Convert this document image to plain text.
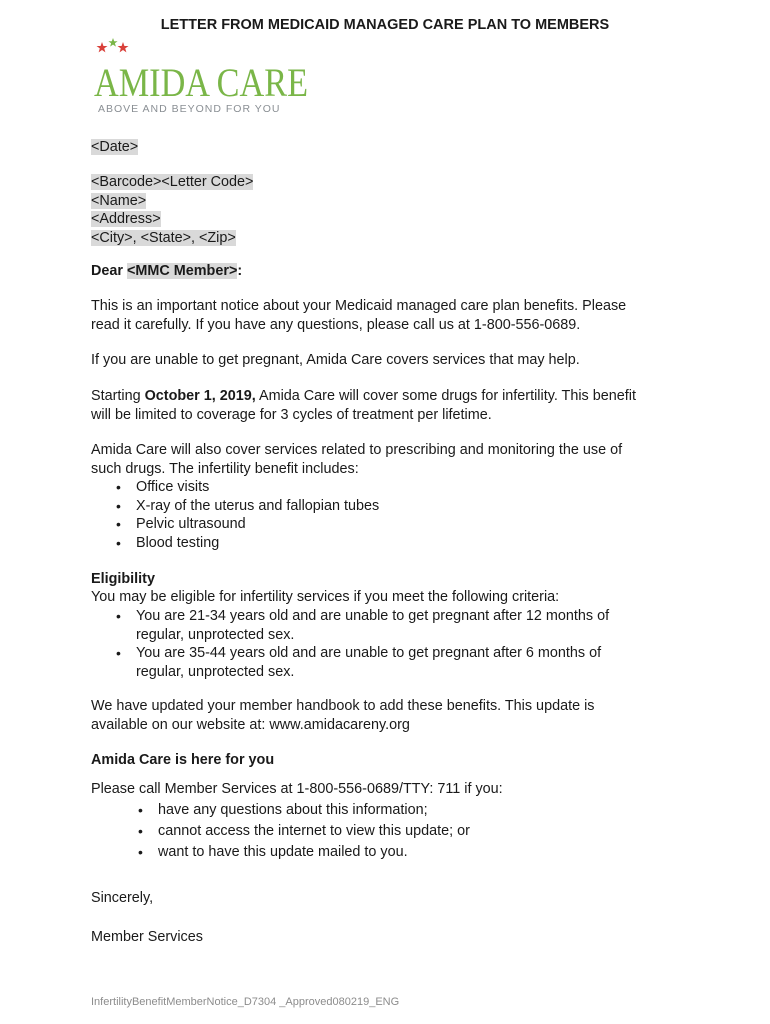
LETTER FROM MEDICAID MANAGED CARE PLAN TO MEMBERS
AMIDA CARE
ABOVE AND BEYOND FOR YOU
<Date>
<Barcode><Letter Code>
<Name>
<Address>
<City>, <State>, <Zip>
Dear <MMC Member>:
This is an important notice about your Medicaid managed care plan benefits. Please
read it carefully. If you have any questions, please call us at 1-800-556-0689.
If you are unable to get pregnant, Amida Care covers services that may help.
Starting October 1, 2019, Amida Care will cover some drugs for infertility. This benefit
will be limited to coverage for 3 cycles of treatment per lifetime.
Amida Care will also cover services related to prescribing and monitoring the use of
such drugs. The infertility benefit includes:
• Office visits
• X-ray of the uterus and fallopian tubes
• Pelvic ultrasound
• Blood testing
Eligibility
You may be eligible for infertility services if you meet the following criteria:
• You are 21-34 years old and are unable to get pregnant after 12 months of
regular, unprotected sex.
• You are 35-44 years old and are unable to get pregnant after 6 months of
regular, unprotected sex.
We have updated your member handbook to add these benefits. This update is
available on our website at: www.amidacareny.org
Amida Care is here for you
Please call Member Services at 1-800-556-0689/TTY: 711 if you:
• have any questions about this information;
• cannot access the internet to view this update; or
• want to have this update mailed to you.
Sincerely,
Member Services
InfertilityBenefitMemberNotice_D7304 _Approved080219_ENG
